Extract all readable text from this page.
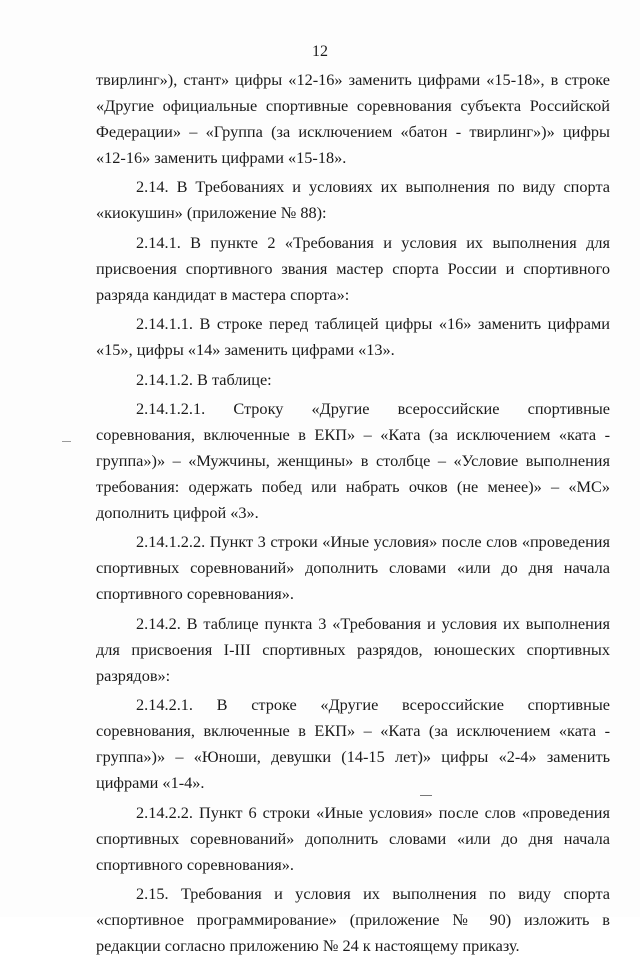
12

твирлинг»), стант» цифры «12-16» заменить цифрами «15-18», в строке «Другие официальные спортивные соревнования субъекта Российской Федерации» – «Группа (за исключением «батон - твирлинг»)» цифры «12-16» заменить цифрами «15-18».

2.14. В Требованиях и условиях их выполнения по виду спорта «киокушин» (приложение № 88):

2.14.1. В пункте 2 «Требования и условия их выполнения для присвоения спортивного звания мастер спорта России и спортивного разряда кандидат в мастера спорта»:

2.14.1.1. В строке перед таблицей цифры «16» заменить цифрами «15», цифры «14» заменить цифрами «13».

2.14.1.2. В таблице:

2.14.1.2.1. Строку «Другие всероссийские спортивные соревнования, включенные в ЕКП» – «Ката (за исключением «ката - группа»)» – «Мужчины, женщины» в столбце – «Условие выполнения требования: одержать побед или набрать очков (не менее)» – «МС» дополнить цифрой «3».

2.14.1.2.2. Пункт 3 строки «Иные условия» после слов «проведения спортивных соревнований» дополнить словами «или до дня начала спортивного соревнования».

2.14.2. В таблице пункта 3 «Требования и условия их выполнения для присвоения I-III спортивных разрядов, юношеских спортивных разрядов»:

2.14.2.1. В строке «Другие всероссийские спортивные соревнования, включенные в ЕКП» – «Ката (за исключением «ката - группа»)» – «Юноши, девушки (14-15 лет)» цифры «2-4» заменить цифрами «1-4».

2.14.2.2. Пункт 6 строки «Иные условия» после слов «проведения спортивных соревнований» дополнить словами «или до дня начала спортивного соревнования».

2.15. Требования и условия их выполнения по виду спорта «спортивное программирование» (приложение № 90) изложить в редакции согласно приложению № 24 к настоящему приказу.
